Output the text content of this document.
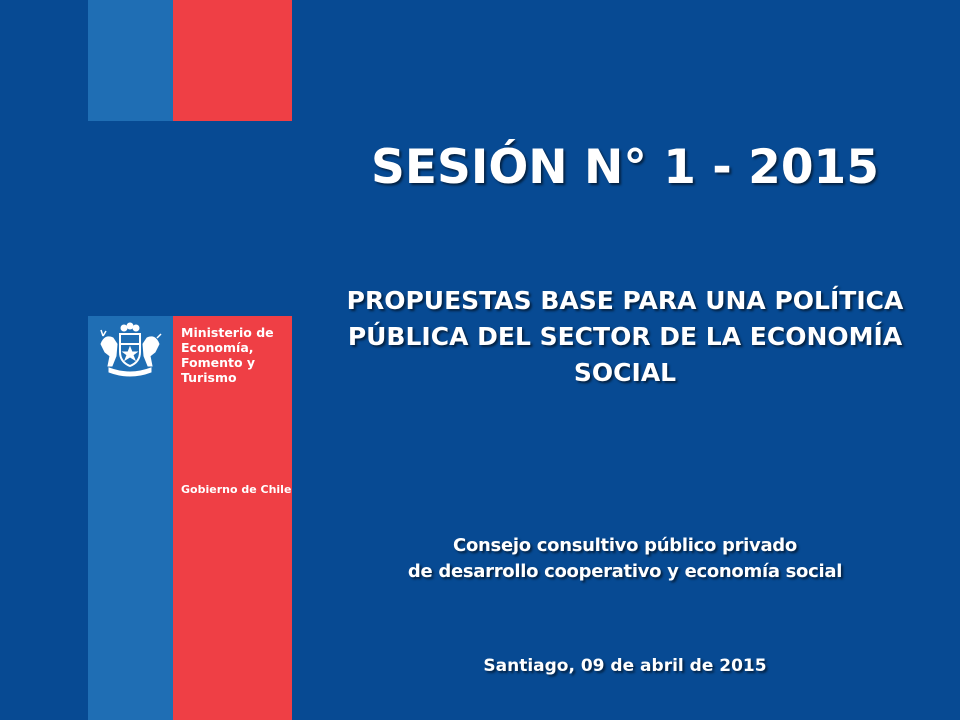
Ministerio de
Economía,
Fomento y
Turismo
Gobierno de Chile
SESIÓN N° 1 - 2015
PROPUESTAS BASE PARA UNA POLÍTICA
PÚBLICA DEL SECTOR DE LA ECONOMÍA
SOCIAL
Consejo consultivo público privado
de desarrollo cooperativo y economía social
Santiago, 09 de abril de 2015
